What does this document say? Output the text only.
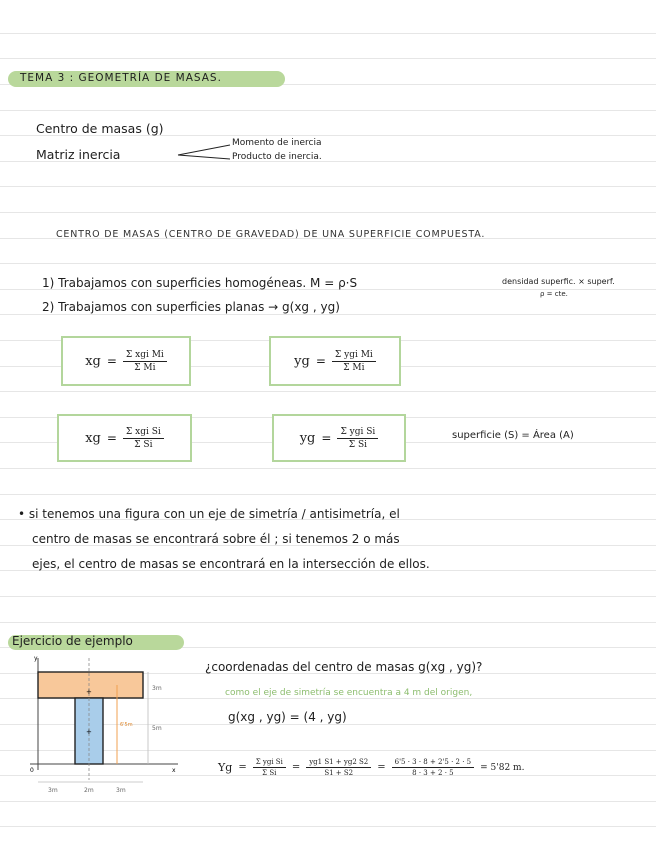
TEMA 3 : GEOMETRÍA DE MASAS.
Centro de masas (g)
Matriz inercia
Momento de inercia
Producto de inercia.
CENTRO DE MASAS (CENTRO DE GRAVEDAD) DE UNA SUPERFICIE COMPUESTA.
1) Trabajamos con superficies homogéneas. M = ρ·S	densidad superfic. × superf.
ρ = cte.
2) Trabajamos con superficies planas → g(xg , yg)
xg = $\frac{\text{Σ xgi Mi}}{\text{Σ Mi}}$	yg = $\frac{\text{Σ ygi Mi}}{\text{Σ Mi}}$
xg = $\frac{\text{Σ xgi Si}}{\text{Σ Si}}$	yg = $\frac{\text{Σ ygi Si}}{\text{Σ Si}}$	superficie (S) = Área (A)
• si tenemos una figura con un eje de simetría / antisimetría, el
centro de masas se encontrará sobre él ; si tenemos 2 o más
ejes, el centro de masas se encontrará en la intersección de ellos.
Ejercicio de ejemplo
y
x
0
6'5m
+
+
3m
5m
3m	2m	3m
¿coordenadas del centro de masas g(xg , yg)?
como el eje de simetría se encuentra a 4 m del origen,
g(xg , yg) = (4 , yg)
$Yg = \frac{\text{Σ ygi Si}}{\text{Σ Si}} = \frac{yg1 S1 + yg2 S2}{S1 + S2} = \frac{6'5 \cdot 3 \cdot 8 + 2'5 \cdot 2 \cdot 5}{8 \cdot 3 + 2 \cdot 5} = 5'82$ m.
